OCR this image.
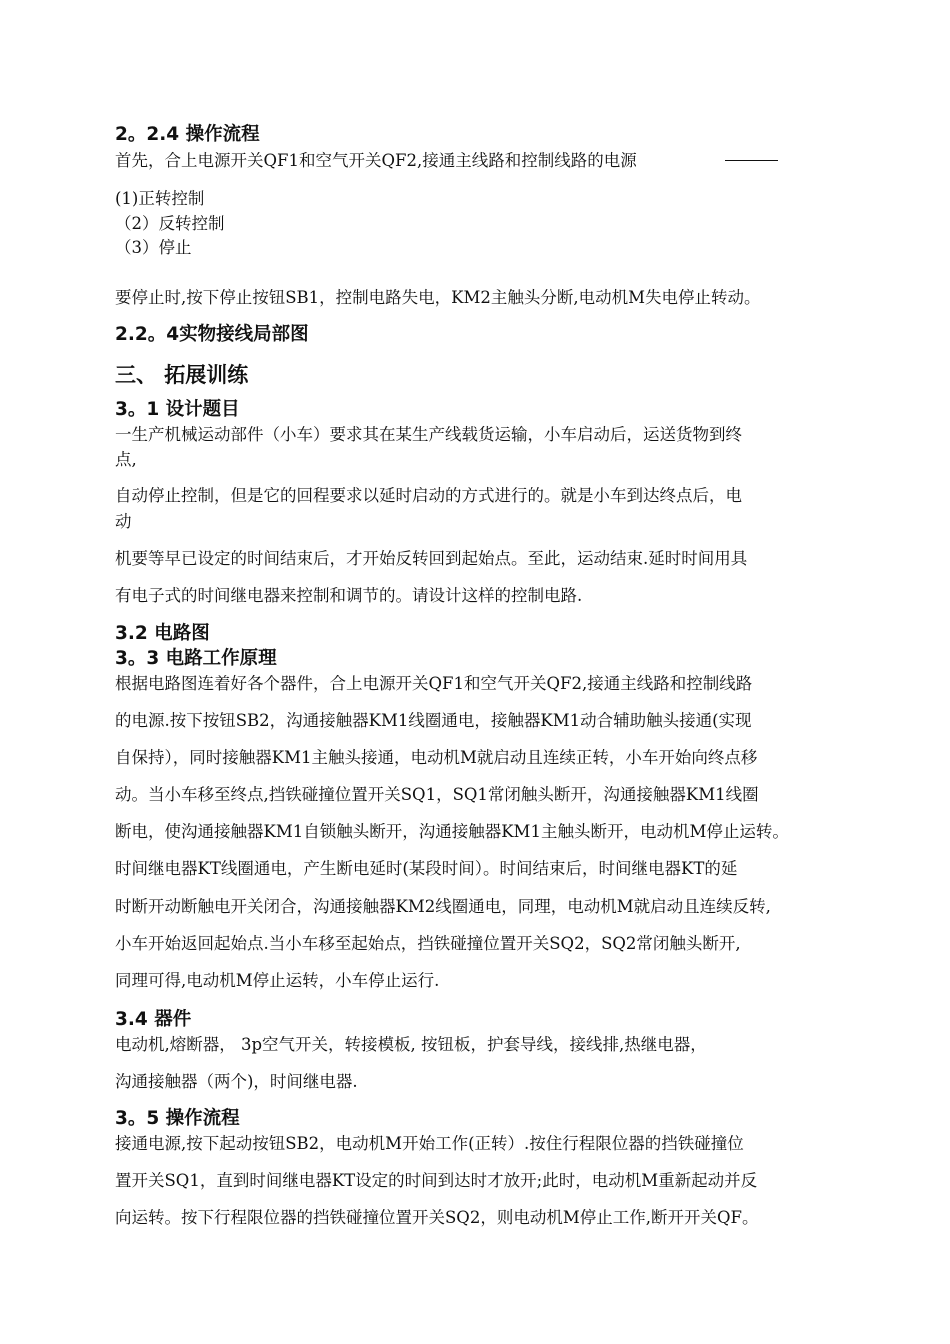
2。2.4 操作流程
首先，合上电源开关QF1和空气开关QF2,接通主线路和控制线路的电源
(1)正转控制
（2）反转控制
（3）停止
要停止时,按下停止按钮SB1，控制电路失电，KM2主触头分断,电动机M失电停止转动。
2.2。4实物接线局部图
三、 拓展训练
3。1 设计题目
一生产机械运动部件（小车）要求其在某生产线载货运输，小车启动后，运送货物到终
点,
自动停止控制，但是它的回程要求以延时启动的方式进行的。就是小车到达终点后，电
动
机要等早已设定的时间结束后，才开始反转回到起始点。至此，运动结束.延时时间用具
有电子式的时间继电器来控制和调节的。请设计这样的控制电路.
3.2 电路图
3。3 电路工作原理
根据电路图连着好各个器件，合上电源开关QF1和空气开关QF2,接通主线路和控制线路
的电源.按下按钮SB2，沟通接触器KM1线圈通电，接触器KM1动合辅助触头接通(实现
自保持），同时接触器KM1主触头接通，电动机M就启动且连续正转，小车开始向终点移
动。当小车移至终点,挡铁碰撞位置开关SQ1，SQ1常闭触头断开，沟通接触器KM1线圈
断电，使沟通接触器KM1自锁触头断开，沟通接触器KM1主触头断开，电动机M停止运转。
时间继电器KT线圈通电，产生断电延时(某段时间）。时间结束后，时间继电器KT的延
时断开动断触电开关闭合，沟通接触器KM2线圈通电，同理，电动机M就启动且连续反转,
小车开始返回起始点.当小车移至起始点，挡铁碰撞位置开关SQ2，SQ2常闭触头断开,
同理可得,电动机M停止运转，小车停止运行.
3.4 器件
电动机,熔断器， 3p空气开关，转接模板, 按钮板，护套导线，接线排,热继电器，
沟通接触器（两个)，时间继电器.
3。5 操作流程
接通电源,按下起动按钮SB2，电动机M开始工作(正转）.按住行程限位器的挡铁碰撞位
置开关SQ1，直到时间继电器KT设定的时间到达时才放开;此时，电动机M重新起动并反
向运转。按下行程限位器的挡铁碰撞位置开关SQ2，则电动机M停止工作,断开开关QF。
